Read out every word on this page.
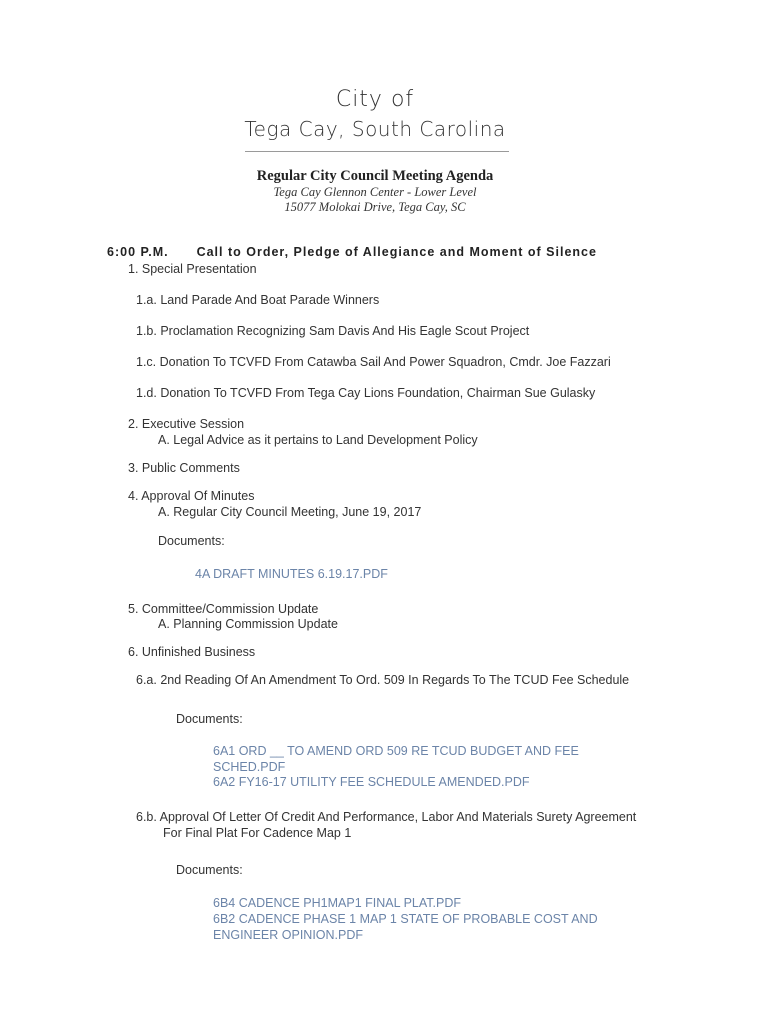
City of
Tega Cay, South Carolina
Regular City Council Meeting Agenda
Tega Cay Glennon Center - Lower Level
15077 Molokai Drive, Tega Cay, SC
6:00 P.M. Call to Order, Pledge of Allegiance and Moment of Silence
1. Special Presentation
1.a. Land Parade And Boat Parade Winners
1.b. Proclamation Recognizing Sam Davis And His Eagle Scout Project
1.c. Donation To TCVFD From Catawba Sail And Power Squadron, Cmdr. Joe Fazzari
1.d. Donation To TCVFD From Tega Cay Lions Foundation, Chairman Sue Gulasky
2. Executive Session
A. Legal Advice as it pertains to Land Development Policy
3. Public Comments
4. Approval Of Minutes
A. Regular City Council Meeting, June 19, 2017
Documents:
4A DRAFT MINUTES 6.19.17.PDF
5. Committee/Commission Update
A. Planning Commission Update
6. Unfinished Business
6.a. 2nd Reading Of An Amendment To Ord. 509 In Regards To The TCUD Fee Schedule
Documents:
6A1 ORD __ TO AMEND ORD 509 RE TCUD BUDGET AND FEE
SCHED.PDF
6A2 FY16-17 UTILITY FEE SCHEDULE AMENDED.PDF
6.b. Approval Of Letter Of Credit And Performance, Labor And Materials Surety Agreement
For Final Plat For Cadence Map 1
Documents:
6B4 CADENCE PH1MAP1 FINAL PLAT.PDF
6B2 CADENCE PHASE 1 MAP 1 STATE OF PROBABLE COST AND
ENGINEER OPINION.PDF
